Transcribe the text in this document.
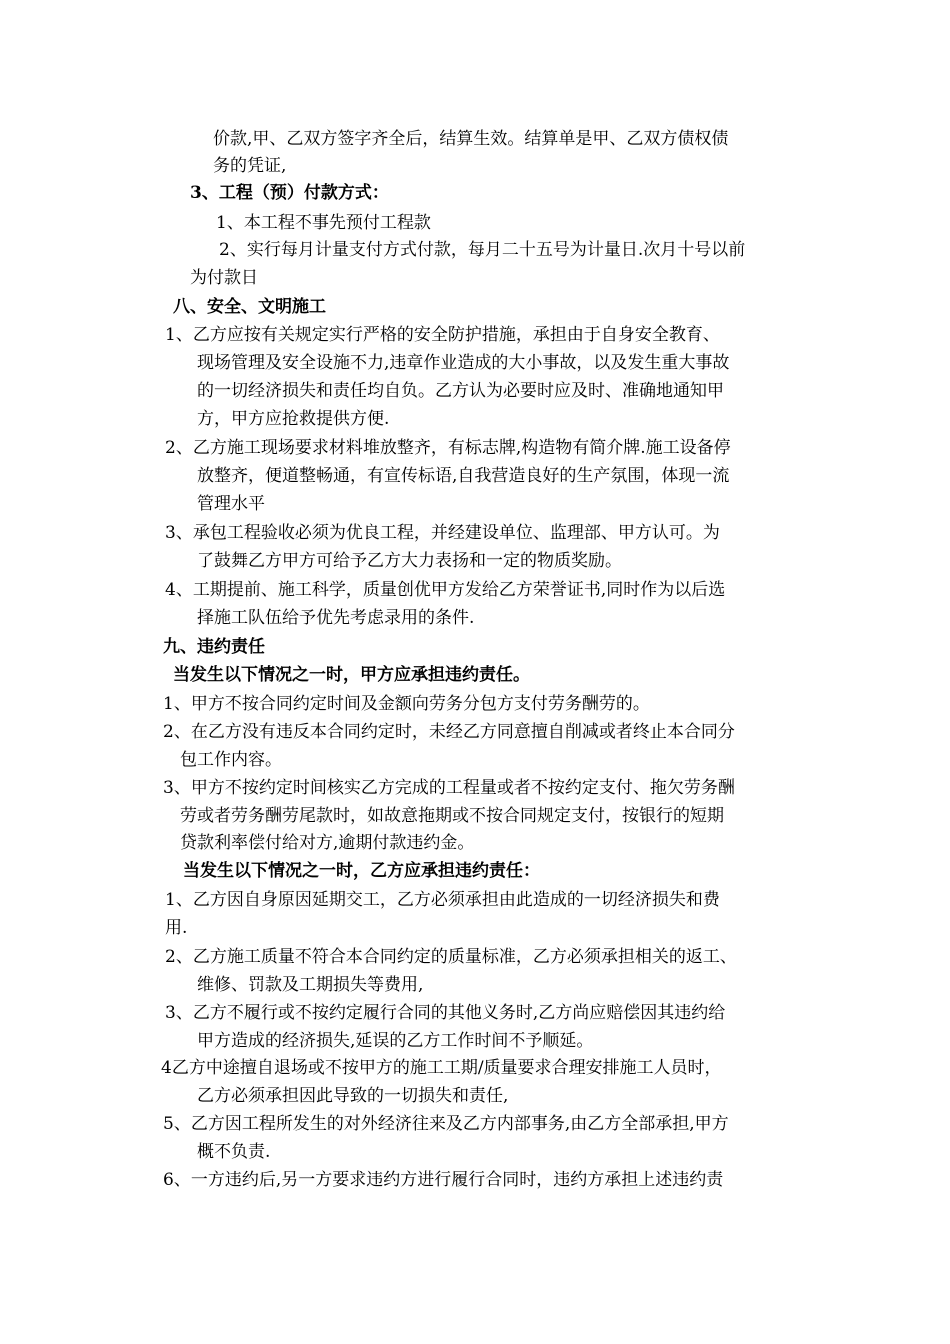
价款,甲、乙双方签字齐全后，结算生效。结算单是甲、乙双方债权债
务的凭证,
3、工程（预）付款方式：
1、本工程不事先预付工程款
2、实行每月计量支付方式付款，每月二十五号为计量日.次月十号以前
为付款日
八、安全、文明施工
1、乙方应按有关规定实行严格的安全防护措施，承担由于自身安全教育、
现场管理及安全设施不力,违章作业造成的大小事故，以及发生重大事故
的一切经济损失和责任均自负。乙方认为必要时应及时、准确地通知甲
方，甲方应抢救提供方便.
2、乙方施工现场要求材料堆放整齐，有标志牌,构造物有简介牌.施工设备停
放整齐，便道整畅通，有宣传标语,自我营造良好的生产氛围，体现一流
管理水平
3、承包工程验收必须为优良工程，并经建设单位、监理部、甲方认可。为
了鼓舞乙方甲方可给予乙方大力表扬和一定的物质奖励。
4、工期提前、施工科学，质量创优甲方发给乙方荣誉证书,同时作为以后选
择施工队伍给予优先考虑录用的条件.
九、违约责任
当发生以下情况之一时，甲方应承担违约责任。
1、甲方不按合同约定时间及金额向劳务分包方支付劳务酬劳的。
2、在乙方没有违反本合同约定时，未经乙方同意擅自削减或者终止本合同分
包工作内容。
3、甲方不按约定时间核实乙方完成的工程量或者不按约定支付、拖欠劳务酬
劳或者劳务酬劳尾款时，如故意拖期或不按合同规定支付，按银行的短期
贷款利率偿付给对方,逾期付款违约金。
当发生以下情况之一时，乙方应承担违约责任：
1、乙方因自身原因延期交工，乙方必须承担由此造成的一切经济损失和费
用.
2、乙方施工质量不符合本合同约定的质量标准，乙方必须承担相关的返工、
维修、罚款及工期损失等费用,
3、乙方不履行或不按约定履行合同的其他义务时,乙方尚应赔偿因其违约给
甲方造成的经济损失,延误的乙方工作时间不予顺延。
4乙方中途擅自退场或不按甲方的施工工期/质量要求合理安排施工人员时，
乙方必须承担因此导致的一切损失和责任,
5、乙方因工程所发生的对外经济往来及乙方内部事务,由乙方全部承担,甲方
概不负责.
6、一方违约后,另一方要求违约方进行履行合同时，违约方承担上述违约责
